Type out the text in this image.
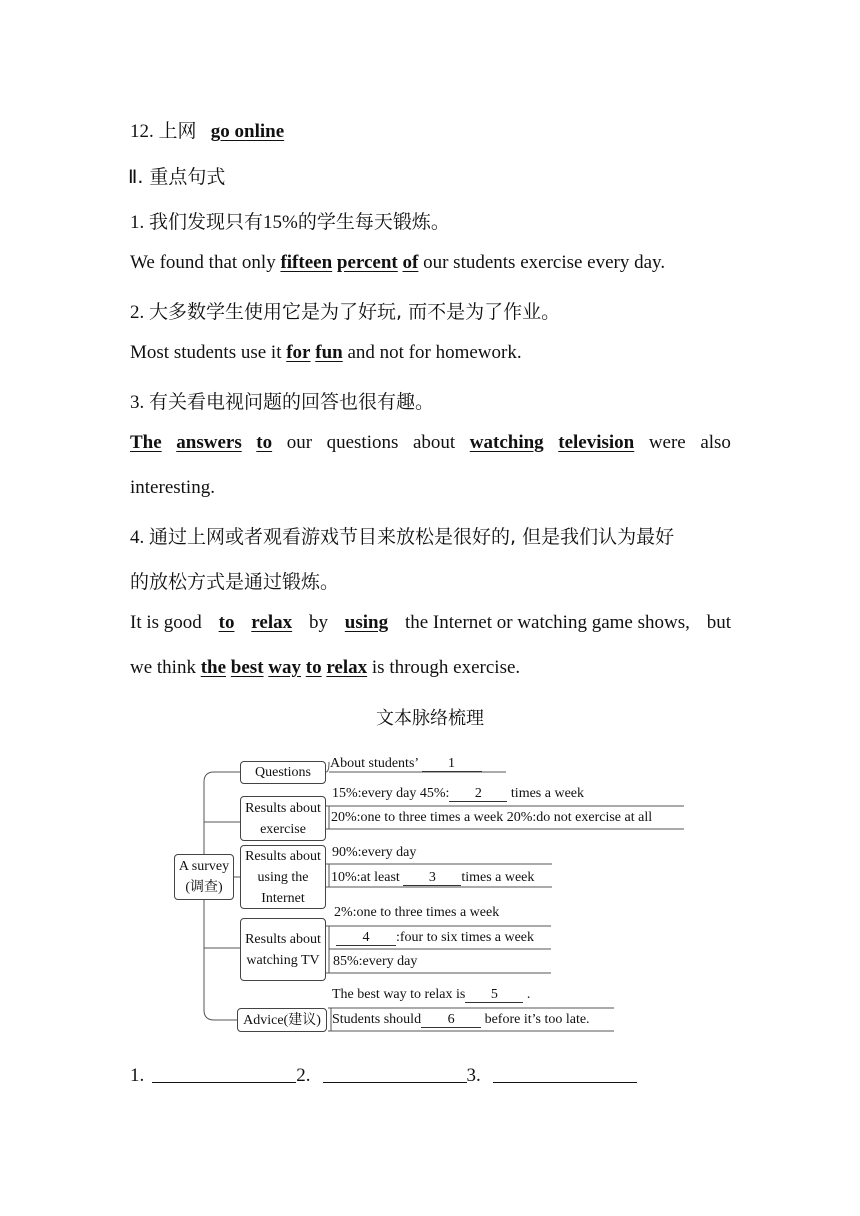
12. 上网 go online
Ⅱ. 重点句式
1. 我们发现只有15%的学生每天锻炼。
We found that only fifteen percent of our students exercise every day.
2. 大多数学生使用它是为了好玩, 而不是为了作业。
Most students use it for fun and not for homework.
3. 有关看电视问题的回答也很有趣。
The answers to our questions about watching television were also
interesting.
4. 通过上网或者观看游戏节目来放松是很好的, 但是我们认为最好
的放松方式是通过锻炼。
It is good to relax by using the Internet or watching game shows, but
we think the best way to relax is through exercise.
文本脉络梳理
A survey (调查)
Questions
Results about exercise
Results about using the Internet
Results about watching TV
Advice(建议)
About students’ 1
15%:every day 45%: 2 times a week
20%:one to three times a week 20%:do not exercise at all
90%:every day
10%:at least 3 times a week
2%:one to three times a week
4 :four to six times a week
85%:every day
The best way to relax is 5 .
Students should 6 before it’s too late.
1.	2.	3.
